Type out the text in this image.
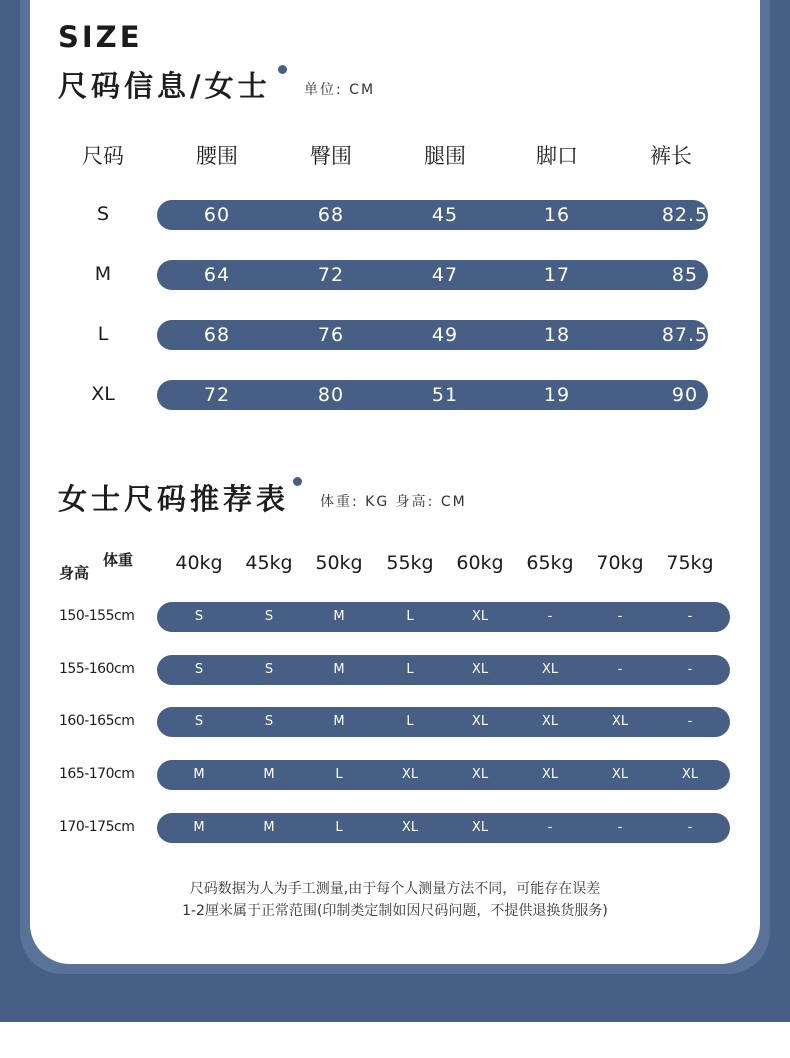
SIZE
尺码信息/女士 单位: CM
尺码	腰围	臀围	腿围	脚口	裤长
S	60	68	45	16	82.5
M	64	72	47	17	85
L	68	76	49	18	87.5
XL	72	80	51	19	90
女士尺码推荐表 体重: KG 身高: CM
身高
体重	40kg	45kg	50kg	55kg	60kg	65kg	70kg	75kg
150-155cm	S	S	M	L	XL	-	-	-
155-160cm	S	S	M	L	XL	XL	-	-
160-165cm	S	S	M	L	XL	XL	XL	-
165-170cm	M	M	L	XL	XL	XL	XL	XL
170-175cm	M	M	L	XL	XL	-	-	-
尺码数据为人为手工测量,由于每个人测量方法不同，可能存在误差
1-2厘米属于正常范围(印制类定制如因尺码问题，不提供退换货服务)
